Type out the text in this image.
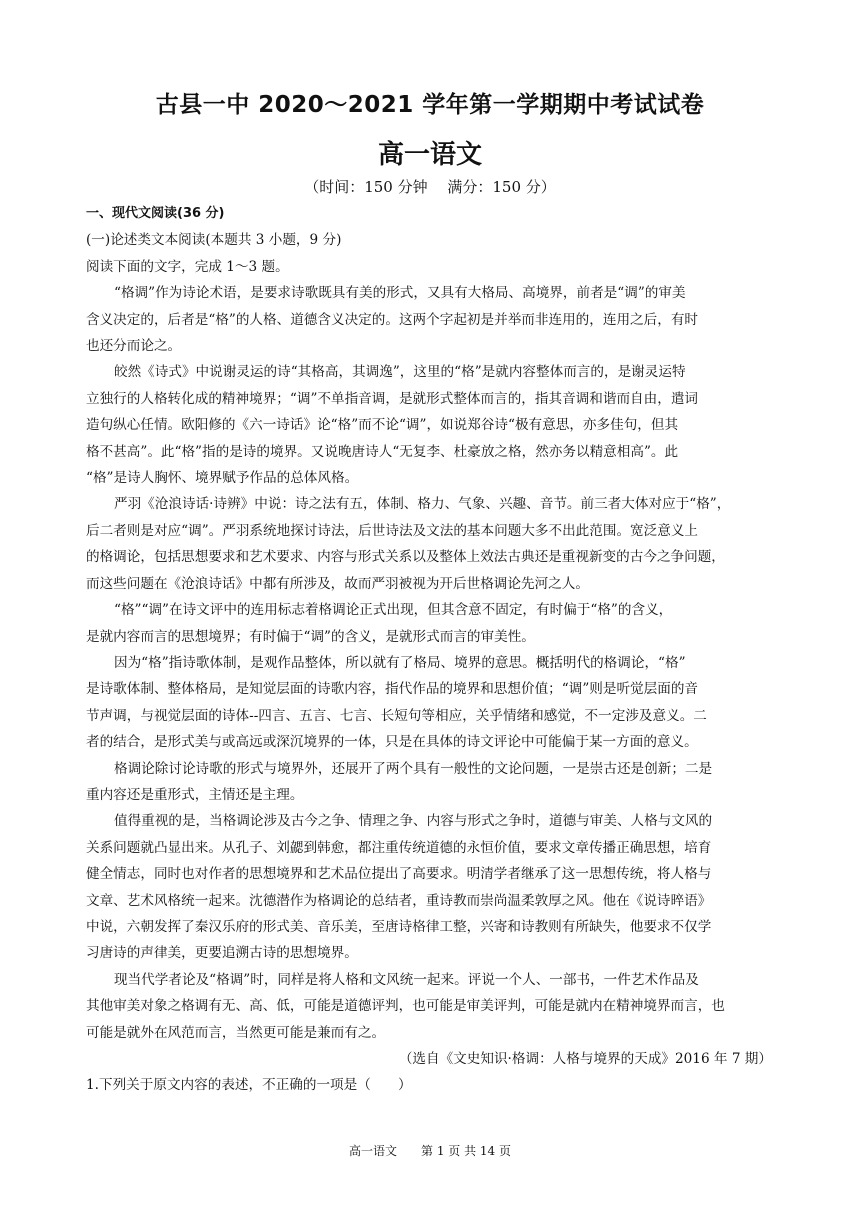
古县一中 2020～2021 学年第一学期期中考试试卷
高一语文
（时间：150 分钟　 满分：150 分）
一、现代文阅读(36 分)
(一)论述类文本阅读(本题共 3 小题，9 分)
阅读下面的文字，完成 1～3 题。
“格调”作为诗论术语，是要求诗歌既具有美的形式，又具有大格局、高境界，前者是“调”的审美
含义决定的，后者是“格”的人格、道德含义决定的。这两个字起初是并举而非连用的，连用之后，有时
也还分而论之。
皎然《诗式》中说谢灵运的诗“其格高，其调逸”，这里的“格”是就内容整体而言的，是谢灵运特
立独行的人格转化成的精神境界；“调”不单指音调，是就形式整体而言的，指其音调和谐而自由，遣词
造句纵心任情。欧阳修的《六一诗话》论“格”而不论“调”，如说郑谷诗“极有意思，亦多佳句，但其
格不甚高”。此“格”指的是诗的境界。又说晚唐诗人“无复李、杜豪放之格，然亦务以精意相高”。此
“格”是诗人胸怀、境界赋予作品的总体风格。
严羽《沧浪诗话·诗辨》中说：诗之法有五，体制、格力、气象、兴趣、音节。前三者大体对应于“格”，
后二者则是对应“调”。严羽系统地探讨诗法，后世诗法及文法的基本问题大多不出此范围。宽泛意义上
的格调论，包括思想要求和艺术要求、内容与形式关系以及整体上效法古典还是重视新变的古今之争问题，
而这些问题在《沧浪诗话》中都有所涉及，故而严羽被视为开后世格调论先河之人。
“格”“调”在诗文评中的连用标志着格调论正式出现，但其含意不固定，有时偏于“格”的含义，
是就内容而言的思想境界；有时偏于“调”的含义，是就形式而言的审美性。
因为“格”指诗歌体制，是观作品整体，所以就有了格局、境界的意思。概括明代的格调论，“格”
是诗歌体制、整体格局，是知觉层面的诗歌内容，指代作品的境界和思想价值；“调”则是听觉层面的音
节声调，与视觉层面的诗体--四言、五言、七言、长短句等相应，关乎情绪和感觉，不一定涉及意义。二
者的结合，是形式美与或高远或深沉境界的一体，只是在具体的诗文评论中可能偏于某一方面的意义。
格调论除讨论诗歌的形式与境界外，还展开了两个具有一般性的文论问题，一是崇古还是创新；二是
重内容还是重形式，主情还是主理。
值得重视的是，当格调论涉及古今之争、情理之争、内容与形式之争时，道德与审美、人格与文风的
关系问题就凸显出来。从孔子、刘勰到韩愈，都注重传统道德的永恒价值，要求文章传播正确思想，培育
健全情志，同时也对作者的思想境界和艺术品位提出了高要求。明清学者继承了这一思想传统，将人格与
文章、艺术风格统一起来。沈德潜作为格调论的总结者，重诗教而崇尚温柔敦厚之风。他在《说诗晬语》
中说，六朝发挥了秦汉乐府的形式美、音乐美，至唐诗格律工整，兴寄和诗教则有所缺失，他要求不仅学
习唐诗的声律美，更要追溯古诗的思想境界。
现当代学者论及“格调”时，同样是将人格和文风统一起来。评说一个人、一部书，一件艺术作品及
其他审美对象之格调有无、高、低，可能是道德评判，也可能是审美评判，可能是就内在精神境界而言，也
可能是就外在风范而言，当然更可能是兼而有之。
（选自《文史知识·格调：人格与境界的天成》2016 年 7 期）
1.下列关于原文内容的表述，不正确的一项是（　　）
高一语文　　第 1 页 共 14 页
